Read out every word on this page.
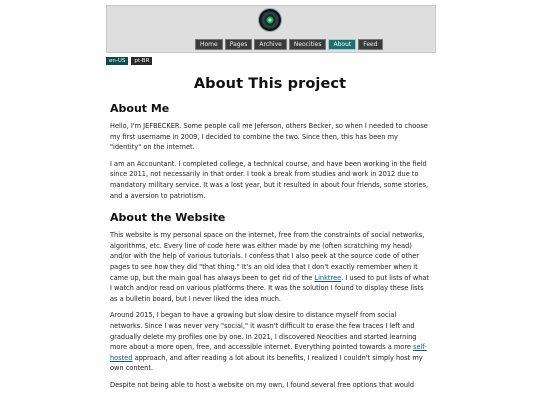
Home	Pages	Archive	Neocities	About	Feed
en-US	pt-BR
About This project
About Me

Hello, I'm JEFBECKER. Some people call me Jeferson, others Becker, so when I needed to choose my first username in 2009, I decided to combine the two. Since then, this has been my "identity" on the internet.

I am an Accountant. I completed college, a technical course, and have been working in the field since 2011, not necessarily in that order. I took a break from studies and work in 2012 due to mandatory military service. It was a lost year, but it resulted in about four friends, some stories, and a aversion to patriotism.

About the Website

This website is my personal space on the internet, free from the constraints of social networks, algorithms, etc. Every line of code here was either made by me (often scratching my head) and/or with the help of various tutorials. I confess that I also peek at the source code of other pages to see how they did "that thing." It's an old idea that I don't exactly remember when it came up, but the main goal has always been to get rid of the Linktree. I used to put lists of what I watch and/or read on various platforms there. It was the solution I found to display these lists as a bulletin board, but I never liked the idea much.

Around 2015, I began to have a growing but slow desire to distance myself from social networks. Since I was never very "social," it wasn't difficult to erase the few traces I left and gradually delete my profiles one by one. In 2021, I discovered Neocities and started learning more about a more open, free, and accessible internet. Everything pointed towards a more self-hosted approach, and after reading a lot about its benefits, I realized I couldn't simply host my own content.

Despite not being able to host a website on my own, I found several free options that would
